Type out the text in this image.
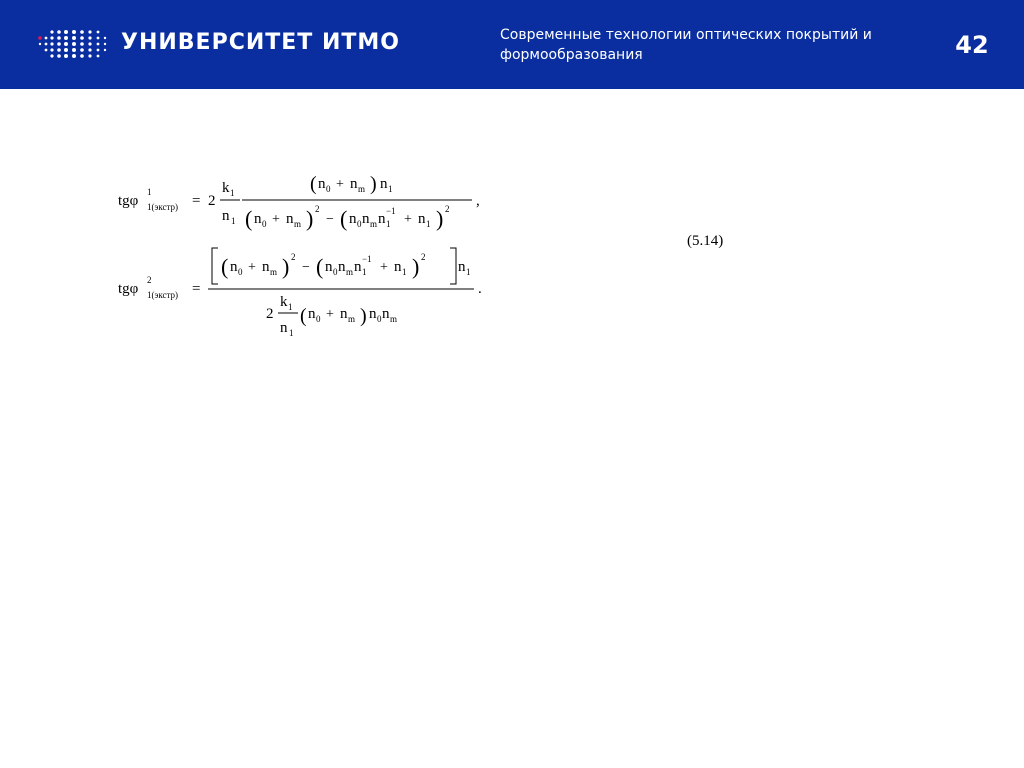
УНИВЕРСИТЕТ ИТМО	Современные технологии оптических покрытий и формообразования	42
tgφ
1
1(экстр) = 2
k 1
n 1
( n 0 + n m ) n 1
( n 0 + n m ) 2
− ( n 0 n m n 1
−1
+ n 1 ) 2 ,
tgφ
2
1(экстр) =
( n 0 + n m ) 2
− ( n 0 n m n 1
−1
+ n 1 ) 2
n 1
2
k 1
n 1
( n 0 + n m ) n 0 n m
.
(5.14)
